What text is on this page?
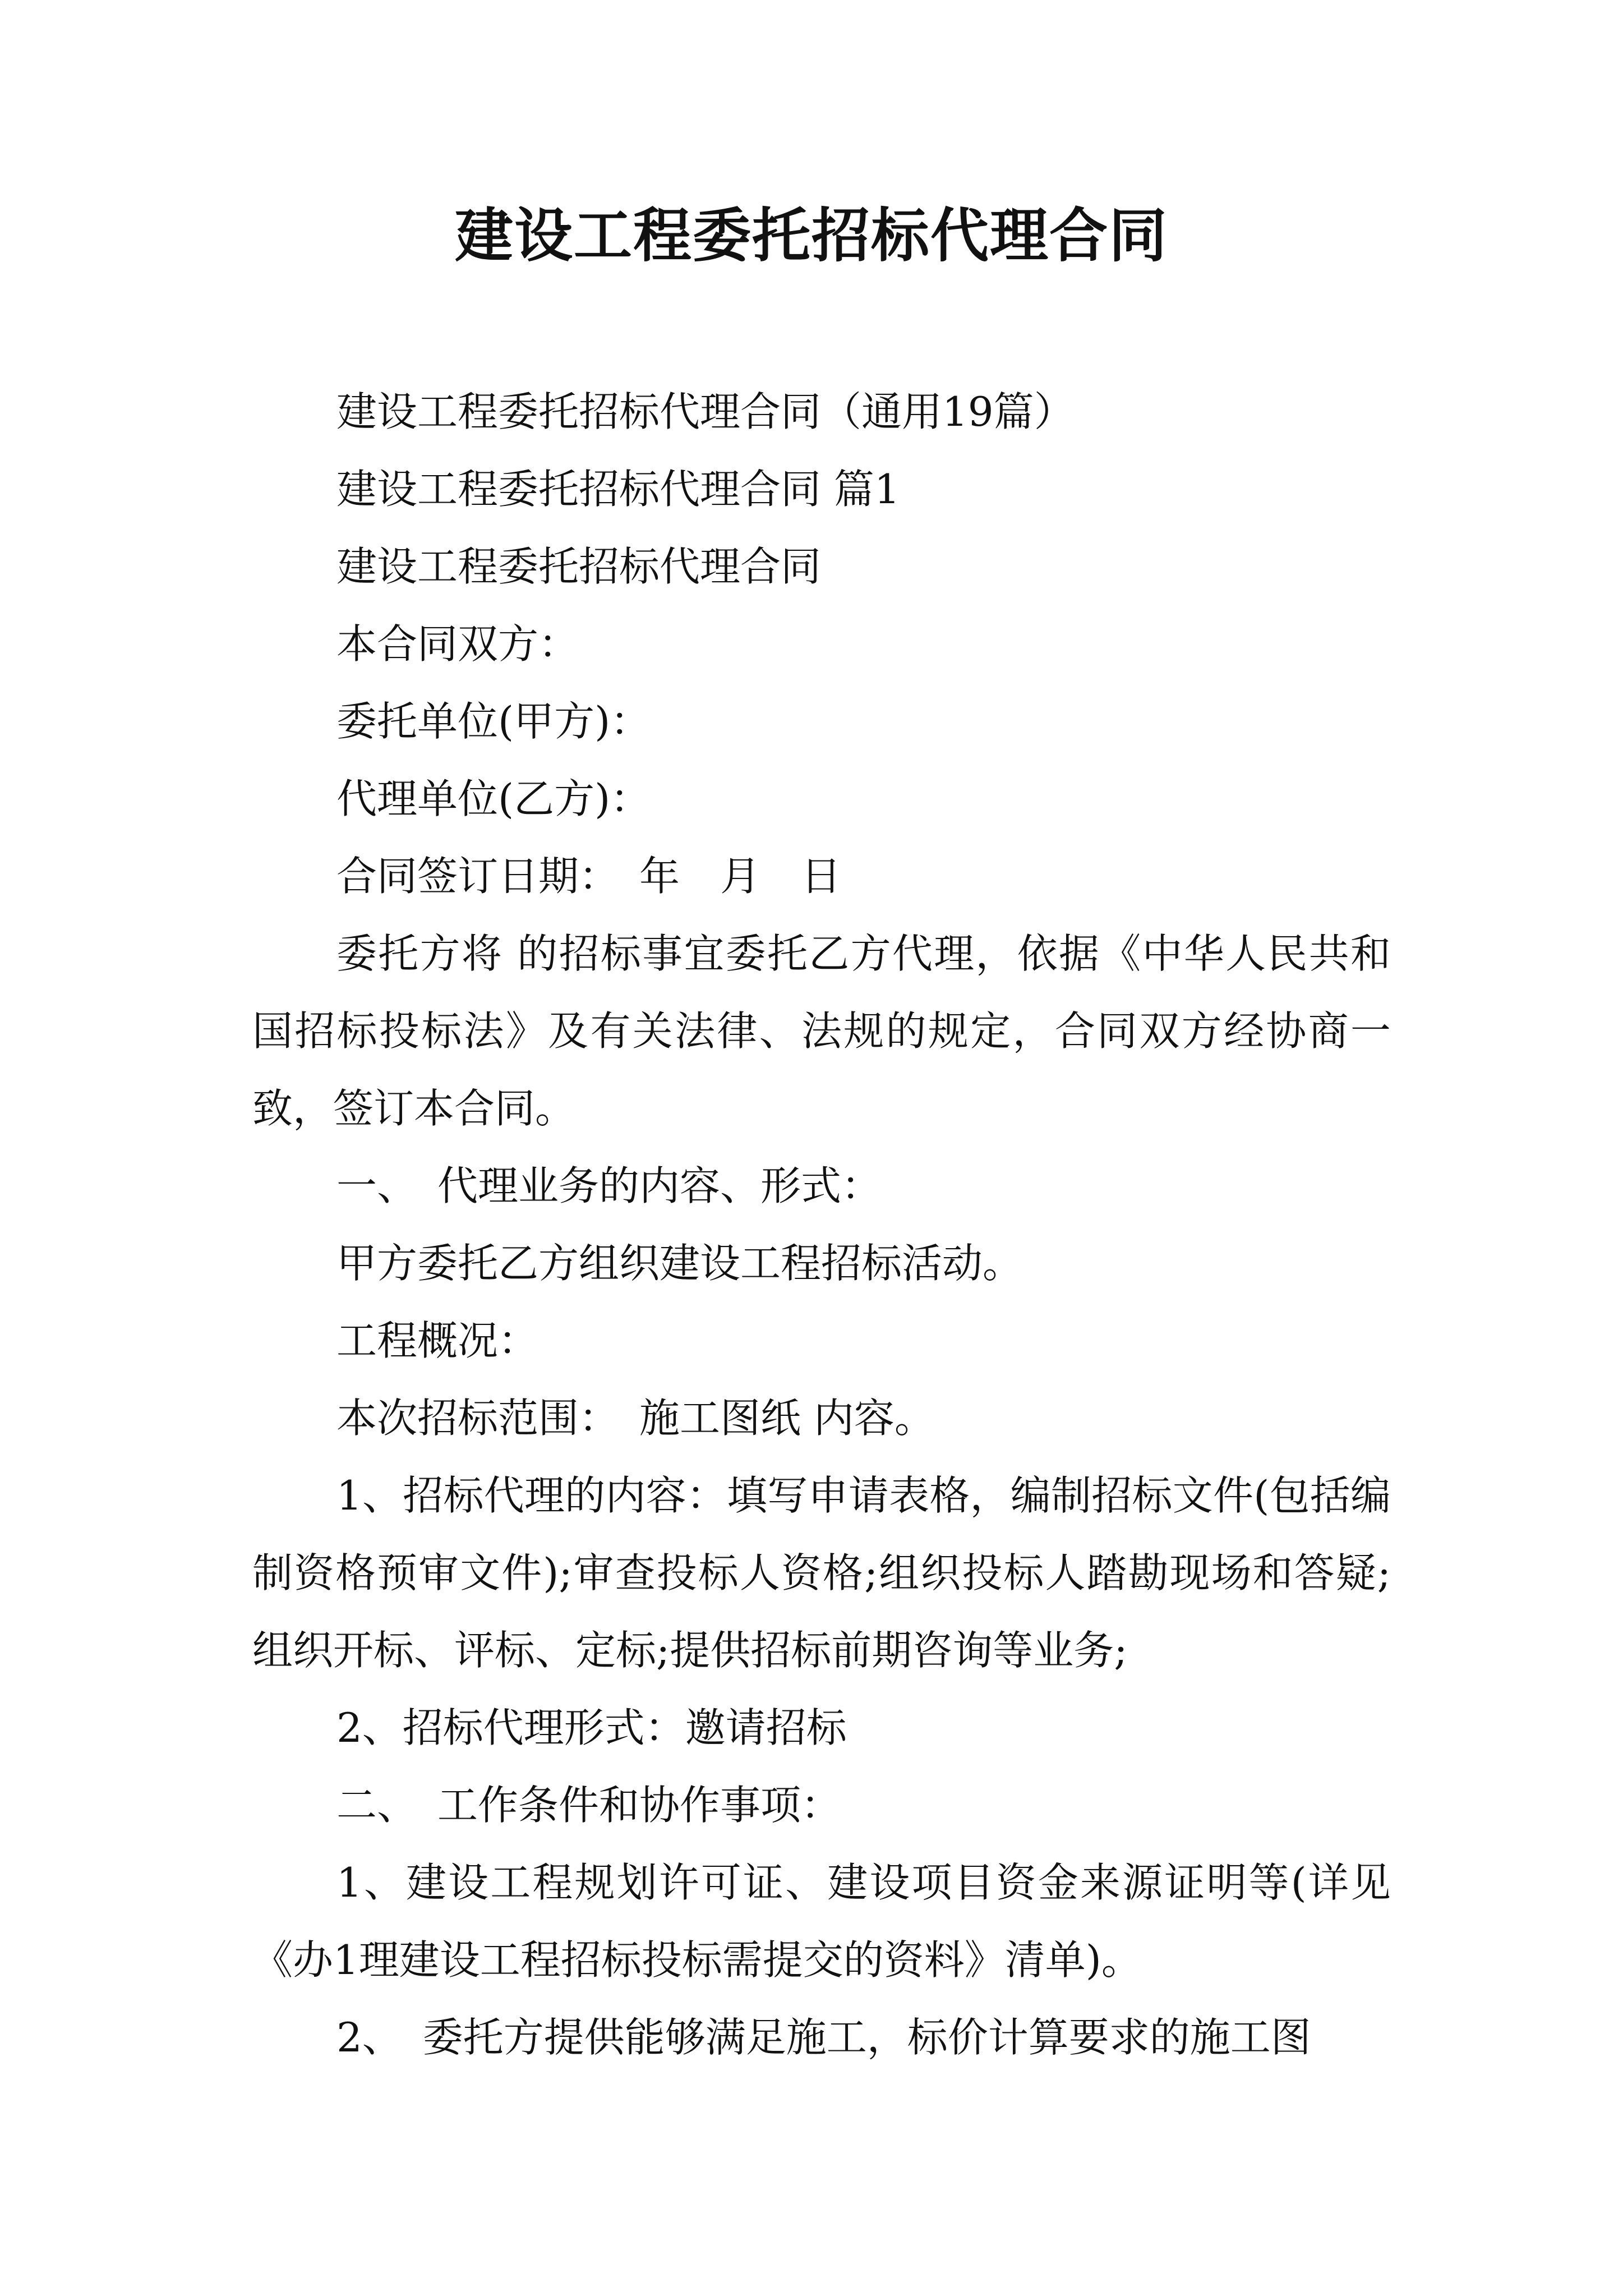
建设工程委托招标代理合同

建设工程委托招标代理合同（通用19篇）

建设工程委托招标代理合同 篇1

建设工程委托招标代理合同

本合同双方：

委托单位(甲方)：

代理单位(乙方)：

合同签订日期：　年　月　日

委托方将 的招标事宜委托乙方代理，依据《中华人民共和国招标投标法》及有关法律、法规的规定，合同双方经协商一致，签订本合同。

一、　代理业务的内容、形式：

甲方委托乙方组织建设工程招标活动。

工程概况：

本次招标范围：　施工图纸 内容。

1、招标代理的内容：填写申请表格，编制招标文件(包括编制资格预审文件);审查投标人资格;组织投标人踏勘现场和答疑;组织开标、评标、定标;提供招标前期咨询等业务;

2、招标代理形式：邀请招标

二、　工作条件和协作事项：

1、建设工程规划许可证、建设项目资金来源证明等(详见《办1理建设工程招标投标需提交的资料》清单)。

2、　委托方提供能够满足施工，标价计算要求的施工图
